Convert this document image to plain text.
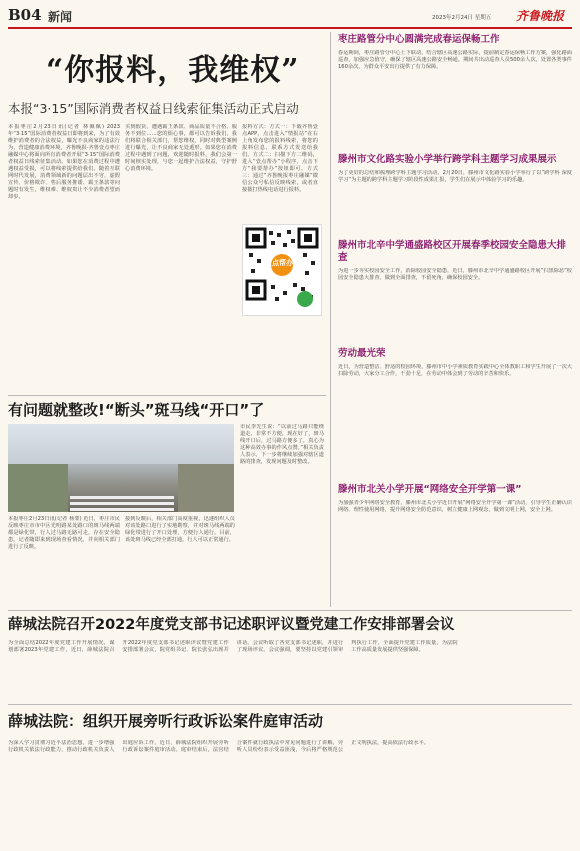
B04 新闻	2023年2月24日 星期五 齐鲁晚报
“你报料，我维权”
本报“3·15”国际消费者权益日线索征集活动正式启动
本报枣庄2月23日讯(记者 林佩佩) 2023年“3·15”国际消费者权益日即将到来，为了有效维护消费者的合法权益，曝光不良商家的违法行为，营造健康消费环境，齐鲁晚报·齐鲁壹点枣庄融媒中心将面向所有消费者开展“3·15”国际消费者权益日线索征集活动。如果您在消费过程中遭遇权益受损，可以将线索提供给我们。随着互联网时代发展，消费领域新的问题层出不穷，虚假宣传、价格欺诈、售后服务推诿、霸王条款等问题时有发生，维权难、维权贵让不少消费者望而却步。
买到假货、遭遇霸王条款、商品质量不合格、服务不到位……您的烦心事，都可以告诉我们，我们将联合相关部门，帮您维权，同时对典型案例进行曝光，让不良商家无处遁形。如果您在消费过程中遇到了问题，欢迎随时报料，我们会第一时间核实处理，与您一起维护合法权益，守护舒心消费环境。
报料方式：方式一：下载齐鲁壹点APP，点击进入“情报站”在右上角发布您的报料线索，将您的报料信息、联系方式发送给我们。方式二：扫描下方二维码，进入“壹点帮办”小程序，点击下方“我要帮办”按钮即可。方式三：通过“齐鲁晚报枣庄融媒”微信公众号私信反映线索，或者直接拨打热线电话进行报料。
壹点帮办
有问题就整改!“断头”斑马线“开口”了
本报枣庄2月23日讯(记者 杨蒙) 近日，枣庄市民反映枣庄市市中区光明路某处路口的斑马线两端都是绿化带，行人过马路无路可走，存在安全隐患。记者随即来到现场查看情况，并向相关部门进行了反映。
接到反映后，相关部门高度重视，迅速组织人员对该处路口进行了实地勘察，并对斑马线两端的绿化带进行了开口处理，方便行人通行。目前，该处斑马线已经全部打通，行人可以正常通行。
市民李先生说：“以前过马路只能绕道走，非常不方便，现在好了，斑马线开口后，过马路方便多了，真心为这种高效办事的作风点赞。”相关负责人表示，下一步将继续加强对辖区道路的排查，发现问题及时整改。
枣庄路管分中心圆满完成春运保畅工作
春运期间，枣庄路管分中心上下联动，结合辖区高速公路实际，提前制定春运保畅工作方案，强化路面巡查，加强应急值守，确保了辖区高速公路安全畅通。期间共出动巡查人员500余人次，处置各类事件160余次，为群众平安出行提供了有力保障。
滕州市文化路实验小学举行跨学科主题学习成果展示
为了更好的总结和梳理跨学科主题学习活动，2月20日，滕州市文化路实验小学举行了以“跨学科 深度学习”为主题的跨学科主题学习阶段性成果汇报，学生们在展示中体验学习的乐趣。
滕州市北辛中学通盛路校区开展春季校园安全隐患大排查
为进一步夯实校园安全工作，消除校园安全隐患，近日，滕州市北辛中学通盛路校区开展“扫黑除恶”校园安全隐患大排查，做到全面排查，不留死角，确保校园安全。
劳动最光荣
近日，为营造整洁、舒适的校园环境，滕州市中小学素质教育实践中心全体教职工和学生开展了一次大扫除劳动，大家分工合作，干劲十足，在劳动中体会到了劳动的辛苦和快乐。
滕州市北关小学开展“网络安全开学第一课”
为加强青少年网络安全教育，滕州市北关小学近日开展“网络安全开学第一课”活动，引导学生正确认识网络、理性使用网络，提升网络安全防范意识，树立健康上网观念，做到文明上网，安全上网。
薛城法院召开2022年度党支部书记述职评议暨党建工作安排部署会议
为全面总结2022年度党建工作开展情况，谋划部署2023年党建工作，近日，薛城法院召开2022年度党支部书记述职评议暨党建工作安排部署会议，院党组书记、院长张弘出席并讲话。会议听取了各党支部书记述职，并进行了现场评议。会议强调，要坚持以党建引领审判执行工作，全面提升党建工作质量，为法院工作高质量发展提供坚强保障。
薛城法院：组织开展旁听行政诉讼案件庭审活动
为深入学习贯彻习近平法治思想，进一步增强行政机关依法行政能力，推动行政机关负责人出庭应诉工作，近日，薛城法院组织开展旁听行政诉讼案件庭审活动。庭审结束后，法官结合案件就行政执法中常见问题进行了讲解，旁听人员纷纷表示受益匪浅，今后将严格规范公正文明执法，提高依法行政水平。
